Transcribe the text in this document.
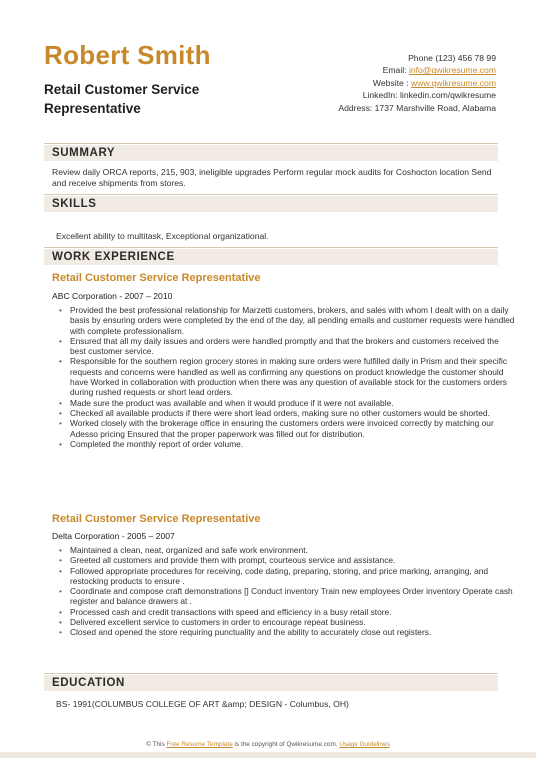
Robert Smith
Retail Customer Service Representative
Phone (123) 456 78 99
Email: info@qwikresume.com
Website : www.qwikresume.com
LinkedIn: linkedin.com/qwikresume
Address: 1737 Marshville Road, Alabama
SUMMARY
Review daily ORCA reports, 215, 903, ineligible upgrades Perform regular mock audits for Coshocton location Send and receive shipments from stores.
SKILLS
Excellent ability to multitask, Exceptional organizational.
WORK EXPERIENCE
Retail Customer Service Representative
ABC Corporation - 2007 – 2010
• Provided the best professional relationship for Marzetti customers, brokers, and sales with whom I dealt with on a daily basis by ensuring orders were completed by the end of the day, all pending emails and customer requests were handled with complete professionalism.
• Ensured that all my daily issues and orders were handled promptly and that the brokers and customers received the best customer service.
• Responsible for the southern region grocery stores in making sure orders were fulfilled daily in Prism and their specific requests and concerns were handled as well as confirming any questions on product knowledge the customer should have Worked in collaboration with production when there was any question of available stock for the customers orders during rushed requests or short lead orders.
• Made sure the product was available and when it would produce if it were not available.
• Checked all available products if there were short lead orders, making sure no other customers would be shorted.
• Worked closely with the brokerage office in ensuring the customers orders were invoiced correctly by matching our Adesso pricing Ensured that the proper paperwork was filled out for distribution.
• Completed the monthly report of order volume.
Retail Customer Service Representative
Delta Corporation - 2005 – 2007
• Maintained a clean, neat, organized and safe work environment.
• Greeted all customers and provide them with prompt, courteous service and assistance.
• Followed appropriate procedures for receiving, code dating, preparing, storing, and price marking, arranging, and restocking products to ensure .
• Coordinate and compose craft demonstrations [] Conduct inventory Train new employees Order inventory Operate cash register and balance drawers at .
• Processed cash and credit transactions with speed and efficiency in a busy retail store.
• Delivered excellent service to customers in order to encourage repeat business.
• Closed and opened the store requiring punctuality and the ability to accurately close out registers.
EDUCATION
BS- 1991(COLUMBUS COLLEGE OF ART &amp; DESIGN - Columbus, OH)
© This Free Resume Template is the copyright of Qwikresume.com. Usage Guidelines
